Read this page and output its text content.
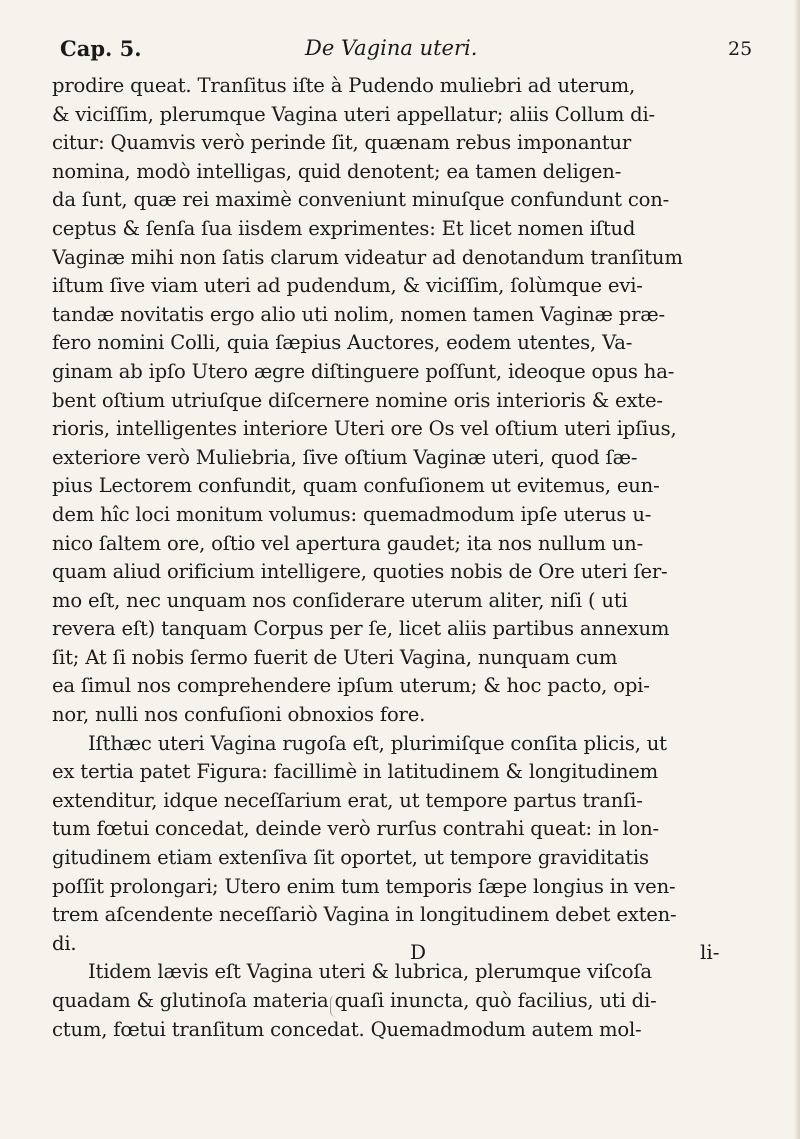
Cap. 5.	De Vagina uteri.	25
prodire queat. Tranſitus iſte à Pudendo muliebri ad uterum,
& viciſſim, plerumque Vagina uteri appellatur; aliis Collum di-
citur: Quamvis verò perinde ſit, quænam rebus imponantur
nomina, modò intelligas, quid denotent; ea tamen deligen-
da ſunt, quæ rei maximè conveniunt minuſque confundunt con-
ceptus & ſenſa ſua iisdem exprimentes: Et licet nomen iſtud
Vaginæ mihi non ſatis clarum videatur ad denotandum tranſitum
iſtum ſive viam uteri ad pudendum, & viciſſim, ſolùmque evi-
tandæ novitatis ergo alio uti nolim, nomen tamen Vaginæ præ-
fero nomini Colli, quia ſæpius Auctores, eodem utentes, Va-
ginam ab ipſo Utero ægre diſtinguere poſſunt, ideoque opus ha-
bent oſtium utriuſque diſcernere nomine oris interioris & exte-
rioris, intelligentes interiore Uteri ore Os vel oſtium uteri ipſius,
exteriore verò Muliebria, ſive oſtium Vaginæ uteri, quod ſæ-
pius Lectorem confundit, quam confuſionem ut evitemus, eun-
dem hîc loci monitum volumus: quemadmodum ipſe uterus u-
nico ſaltem ore, oſtio vel apertura gaudet; ita nos nullum un-
quam aliud orificium intelligere, quoties nobis de Ore uteri ſer-
mo eſt, nec unquam nos conſiderare uterum aliter, niſi ( uti
revera eſt) tanquam Corpus per ſe, licet aliis partibus annexum
ſit; At ſi nobis ſermo fuerit de Uteri Vagina, nunquam cum
ea ſimul nos comprehendere ipſum uterum; & hoc pacto, opi-
nor, nulli nos confuſioni obnoxios fore.
Iſthæc uteri Vagina rugoſa eſt, plurimiſque conſita plicis, ut
ex tertia patet Figura: facillimè in latitudinem & longitudinem
extenditur, idque neceſſarium erat, ut tempore partus tranſi-
tum fœtui concedat, deinde verò rurſus contrahi queat: in lon-
gitudinem etiam extenſiva ſit oportet, ut tempore graviditatis
poſſit prolongari; Utero enim tum temporis ſæpe longius in ven-
trem aſcendente neceſſariò Vagina in longitudinem debet exten-
di.
Itidem lævis eſt Vagina uteri & lubrica, plerumque viſcoſa
quadam & glutinoſa materia quaſi inuncta, quò facilius, uti di-
ctum, fœtui tranſitum concedat. Quemadmodum autem mol-
D	li-
